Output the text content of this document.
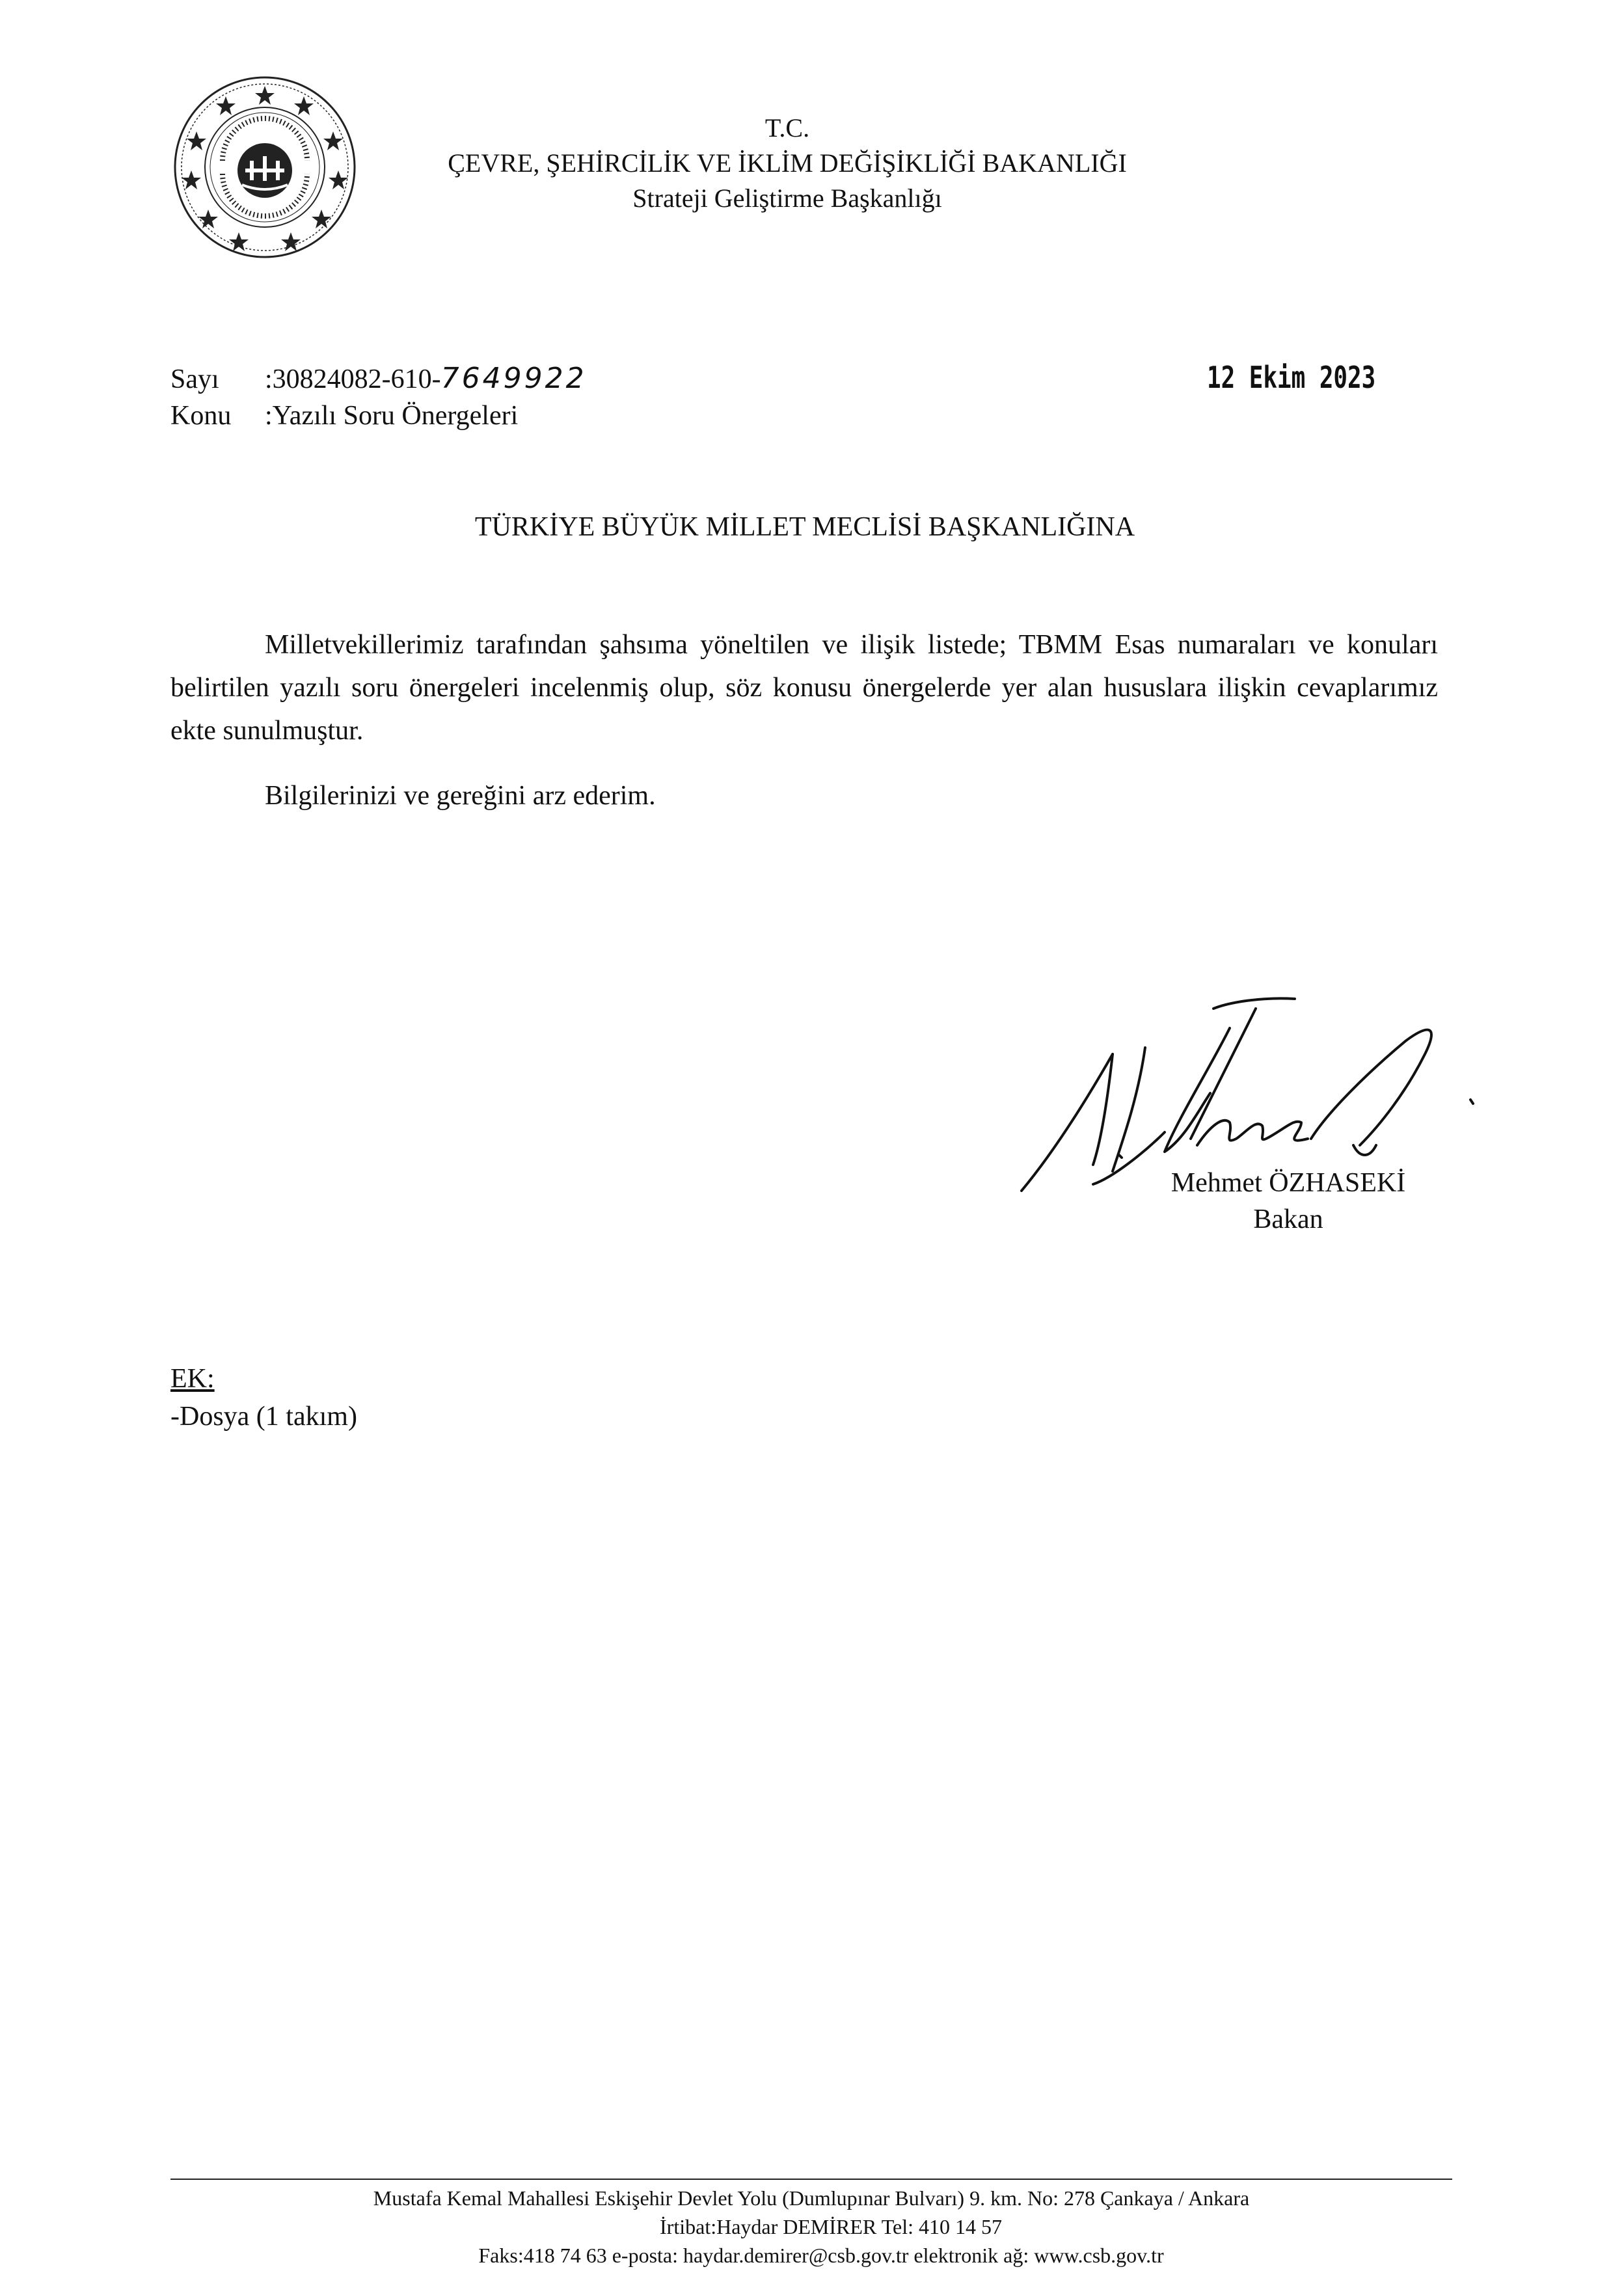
T.C.
ÇEVRE, ŞEHİRCİLİK VE İKLİM DEĞİŞİKLİĞİ BAKANLIĞI
Strateji Geliştirme Başkanlığı
Sayı :30824082-610-7649922
Konu :Yazılı Soru Önergeleri
12 Ekim 2023
TÜRKİYE BÜYÜK MİLLET MECLİSİ BAŞKANLIĞINA

Milletvekillerimiz tarafından şahsıma yöneltilen ve ilişik listede; TBMM Esas numaraları ve konuları belirtilen yazılı soru önergeleri incelenmiş olup, söz konusu önergelerde yer alan hususlara ilişkin cevaplarımız ekte sunulmuştur.

Bilgilerinizi ve gereğini arz ederim.
Mehmet ÖZHASEKİ
Bakan
EK:
-Dosya (1 takım)
Mustafa Kemal Mahallesi Eskişehir Devlet Yolu (Dumlupınar Bulvarı) 9. km. No: 278 Çankaya / Ankara
İrtibat:Haydar DEMİRER Tel: 410 14 57
Faks:418 74 63 e-posta: haydar.demirer@csb.gov.tr elektronik ağ: www.csb.gov.tr
